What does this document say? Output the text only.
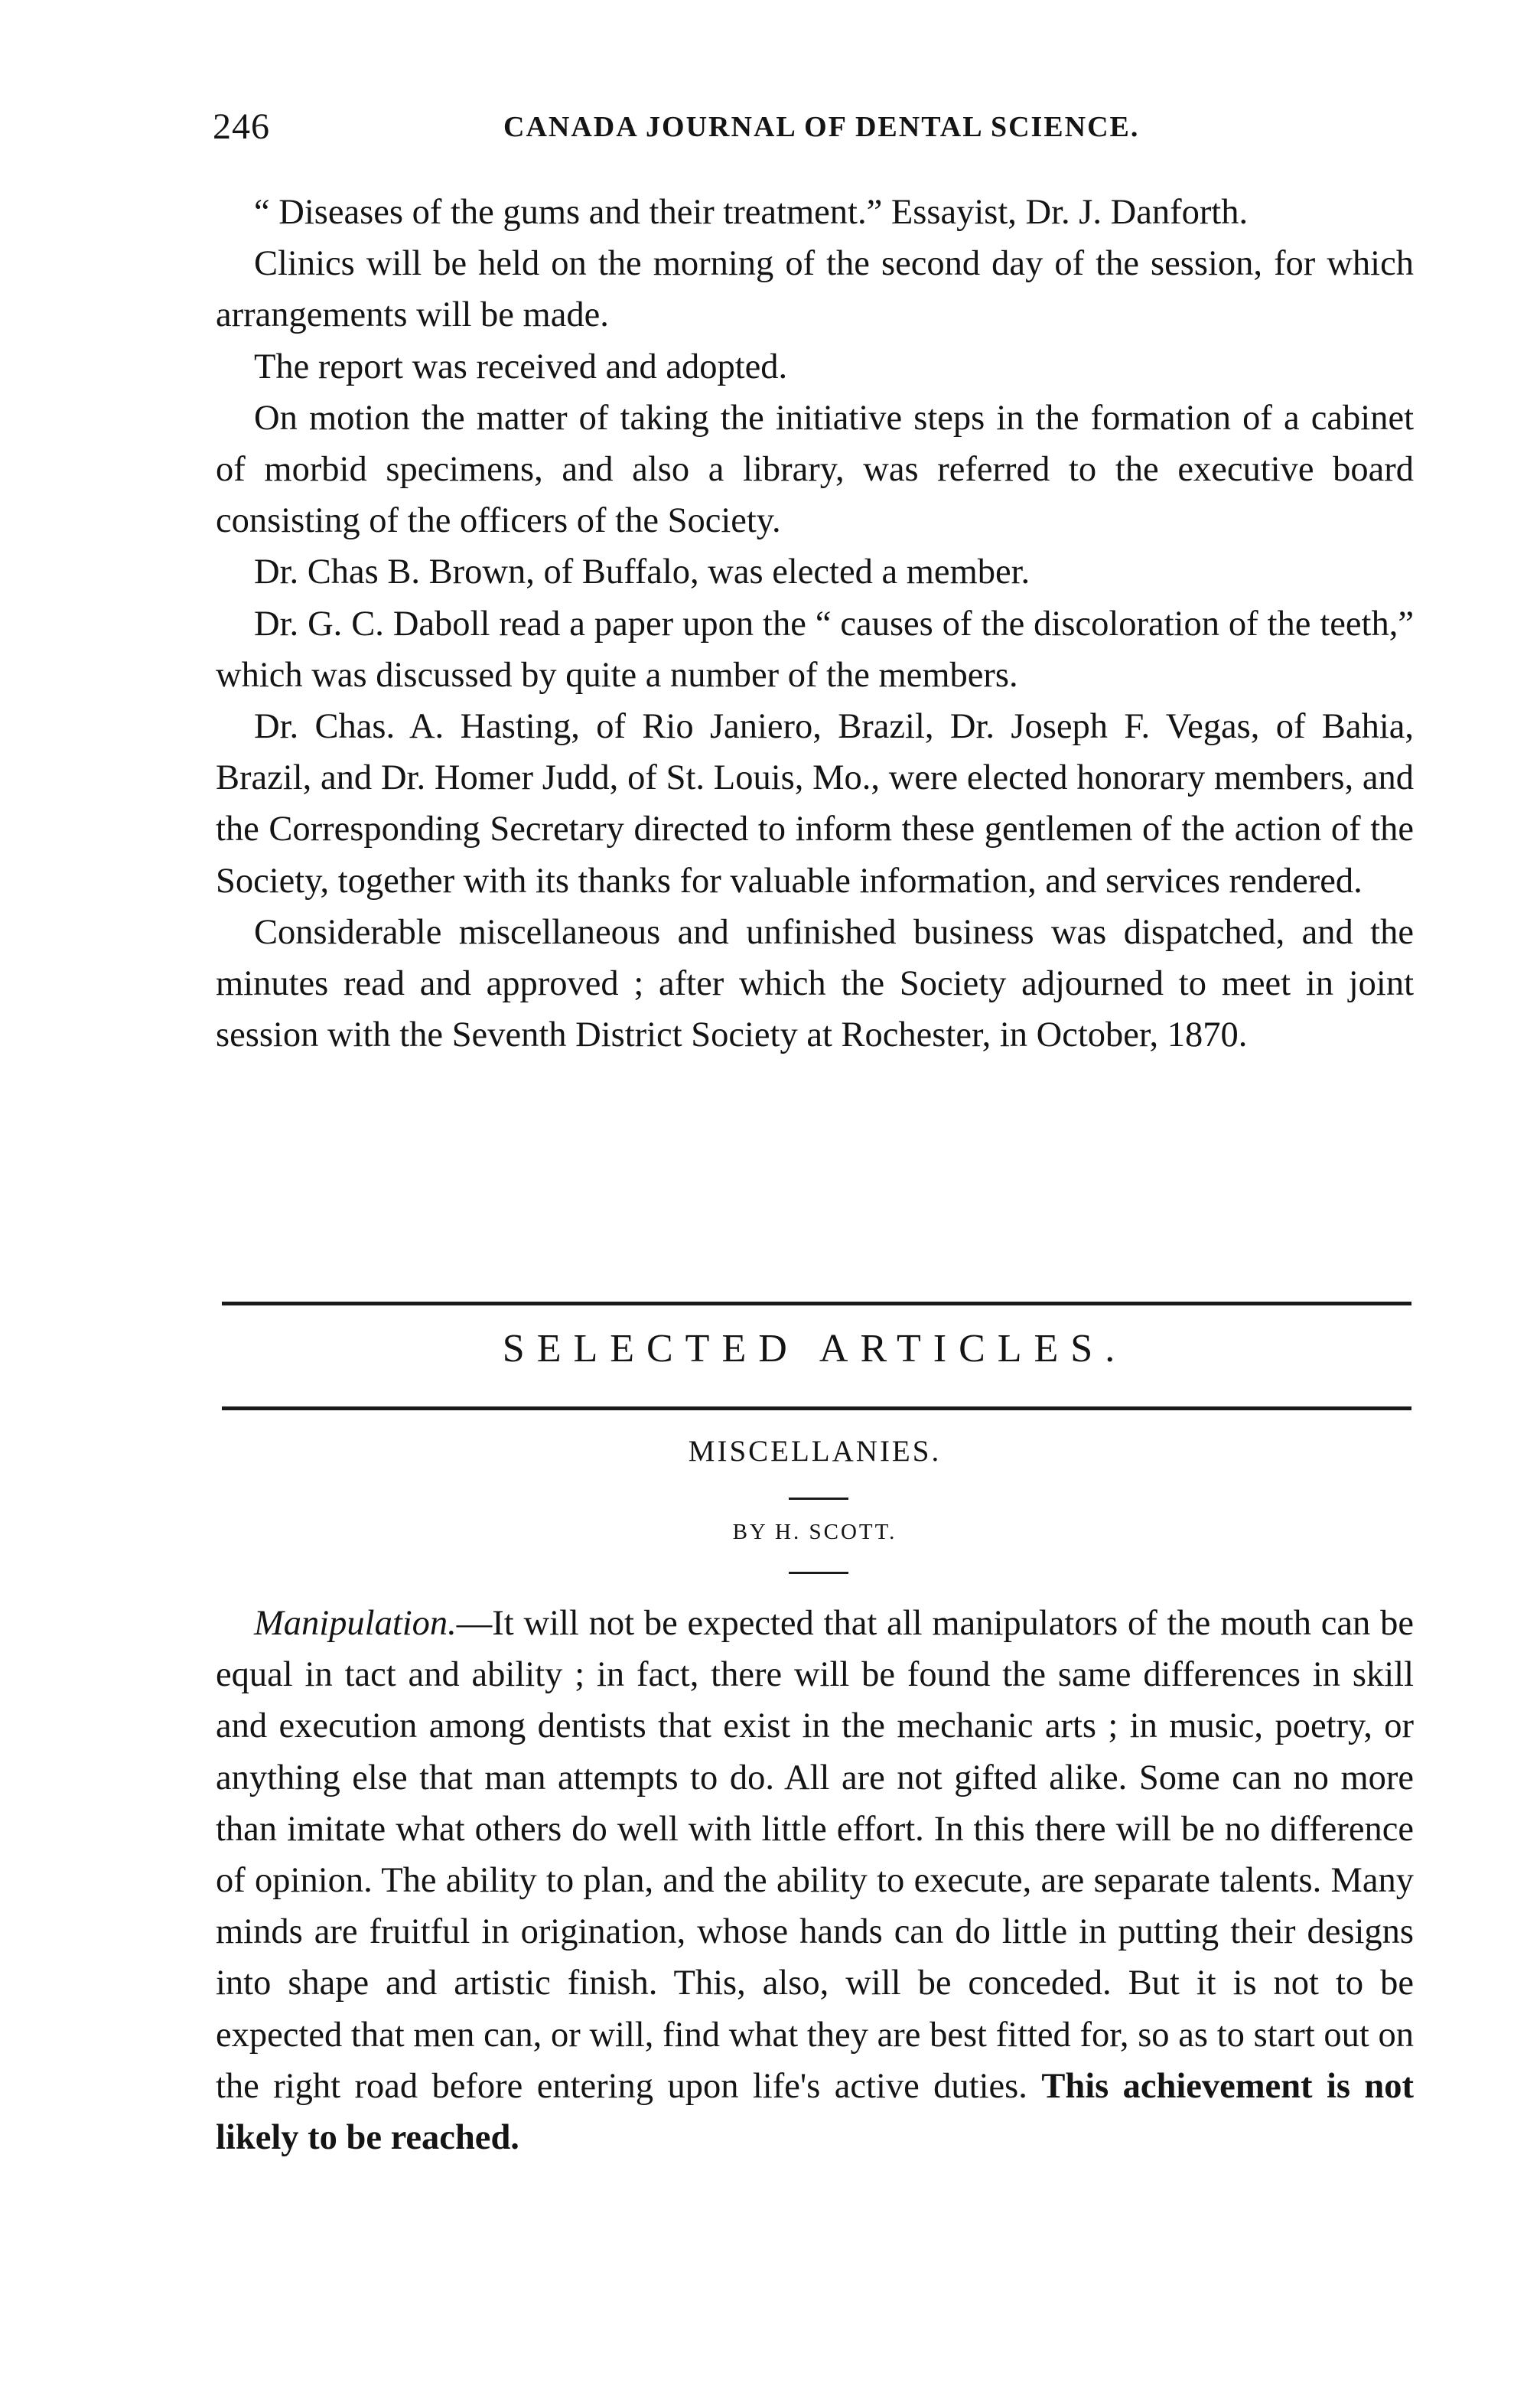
246	CANADA JOURNAL OF DENTAL SCIENCE.

“ Diseases of the gums and their treatment.” Essayist, Dr. J. Danforth.

Clinics will be held on the morning of the second day of the session, for which arrangements will be made.

The report was received and adopted.

On motion the matter of taking the initiative steps in the formation of a cabinet of morbid specimens, and also a library, was referred to the executive board consisting of the officers of the Society.

Dr. Chas B. Brown, of Buffalo, was elected a member.

Dr. G. C. Daboll read a paper upon the “ causes of the discoloration of the teeth,” which was discussed by quite a number of the members.

Dr. Chas. A. Hasting, of Rio Janiero, Brazil, Dr. Joseph F. Vegas, of Bahia, Brazil, and Dr. Homer Judd, of St. Louis, Mo., were elected honorary members, and the Corresponding Secretary directed to inform these gentlemen of the action of the Society, together with its thanks for valuable information, and services rendered.

Considerable miscellaneous and unfinished business was dispatched, and the minutes read and approved ; after which the Society adjourned to meet in joint session with the Seventh District Society at Rochester, in October, 1870.

SELECTED ARTICLES.
MISCELLANIES.
BY H. SCOTT.

Manipulation.—It will not be expected that all manipulators of the mouth can be equal in tact and ability ; in fact, there will be found the same differences in skill and execution among dentists that exist in the mechanic arts ; in music, poetry, or anything else that man attempts to do. All are not gifted alike. Some can no more than imitate what others do well with little effort. In this there will be no difference of opinion. The ability to plan, and the ability to execute, are separate talents. Many minds are fruitful in origination, whose hands can do little in putting their designs into shape and artistic finish. This, also, will be conceded. But it is not to be expected that men can, or will, find what they are best fitted for, so as to start out on the right road before entering upon life's active duties. This achievement is not likely to be reached.
